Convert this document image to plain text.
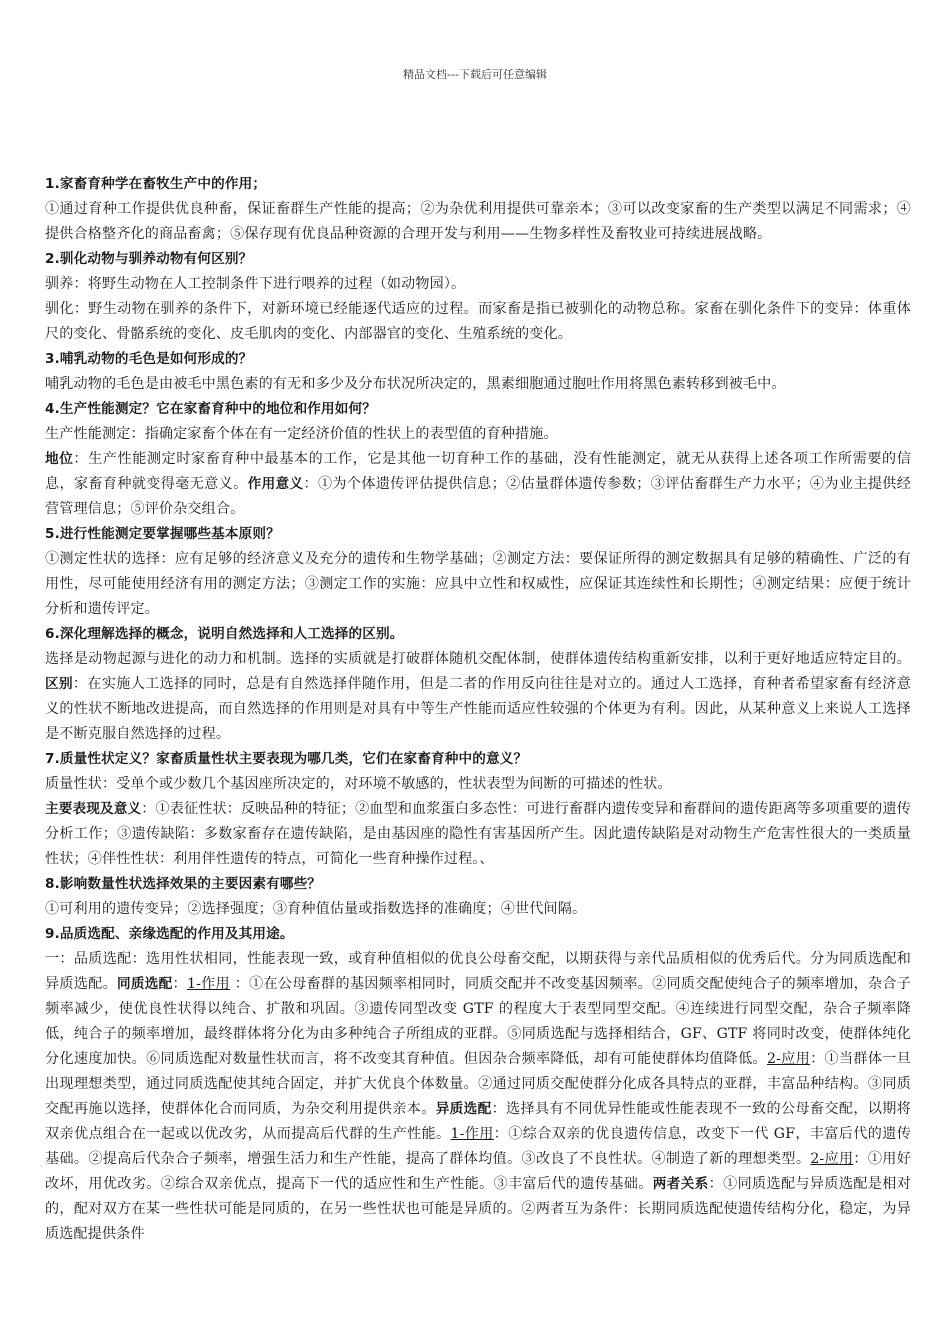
精品文档---下载后可任意编辑

1.家畜育种学在畜牧生产中的作用；

①通过育种工作提供优良种畜，保证畜群生产性能的提高；②为杂优利用提供可靠亲本；③可以改变家畜的生产类型以满足不同需求；④提供合格整齐化的商品畜禽；⑤保存现有优良品种资源的合理开发与利用——生物多样性及畜牧业可持续进展战略。

2.驯化动物与驯养动物有何区别？

驯养：将野生动物在人工控制条件下进行喂养的过程（如动物园）。

驯化：野生动物在驯养的条件下，对新环境已经能逐代适应的过程。而家畜是指已被驯化的动物总称。家畜在驯化条件下的变异：体重体尺的变化、骨骼系统的变化、皮毛肌肉的变化、内部器官的变化、生殖系统的变化。

3.哺乳动物的毛色是如何形成的？

哺乳动物的毛色是由被毛中黑色素的有无和多少及分布状况所决定的，黑素细胞通过胞吐作用将黑色素转移到被毛中。

4.生产性能测定？它在家畜育种中的地位和作用如何？

生产性能测定：指确定家畜个体在有一定经济价值的性状上的表型值的育种措施。

地位：生产性能测定时家畜育种中最基本的工作，它是其他一切育种工作的基础，没有性能测定，就无从获得上述各项工作所需要的信息，家畜育种就变得毫无意义。作用意义：①为个体遗传评估提供信息；②估量群体遗传参数；③评估畜群生产力水平；④为业主提供经营管理信息；⑤评价杂交组合。

5.进行性能测定要掌握哪些基本原则？

①测定性状的选择：应有足够的经济意义及充分的遗传和生物学基础；②测定方法：要保证所得的测定数据具有足够的精确性、广泛的有用性，尽可能使用经济有用的测定方法；③测定工作的实施：应具中立性和权威性，应保证其连续性和长期性；④测定结果：应便于统计分析和遗传评定。

6.深化理解选择的概念，说明自然选择和人工选择的区别。

选择是动物起源与进化的动力和机制。选择的实质就是打破群体随机交配体制，使群体遗传结构重新安排，以利于更好地适应特定目的。区别：在实施人工选择的同时，总是有自然选择伴随作用，但是二者的作用反向往往是对立的。通过人工选择，育种者希望家畜有经济意义的性状不断地改进提高，而自然选择的作用则是对具有中等生产性能而适应性较强的个体更为有利。因此，从某种意义上来说人工选择是不断克服自然选择的过程。

7.质量性状定义？家畜质量性状主要表现为哪几类，它们在家畜育种中的意义？

质量性状：受单个或少数几个基因座所决定的，对环境不敏感的，性状表型为间断的可描述的性状。

主要表现及意义：①表征性状：反映品种的特征；②血型和血浆蛋白多态性：可进行畜群内遗传变异和畜群间的遗传距离等多项重要的遗传分析工作；③遗传缺陷：多数家畜存在遗传缺陷，是由基因座的隐性有害基因所产生。因此遗传缺陷是对动物生产危害性很大的一类质量性状；④伴性性状：利用伴性遗传的特点，可简化一些育种操作过程。、

8.影响数量性状选择效果的主要因素有哪些？

①可利用的遗传变异；②选择强度；③育种值估量或指数选择的准确度；④世代间隔。

9.品质选配、亲缘选配的作用及其用途。

一：品质选配：选用性状相同，性能表现一致，或育种值相似的优良公母畜交配，以期获得与亲代品质相似的优秀后代。分为同质选配和异质选配。同质选配：1-作用 ：①在公母畜群的基因频率相同时，同质交配并不改变基因频率。②同质交配使纯合子的频率增加，杂合子频率减少，使优良性状得以纯合、扩散和巩固。③遗传同型改变 GTF 的程度大于表型同型交配。④连续进行同型交配，杂合子频率降低，纯合子的频率增加，最终群体将分化为由多种纯合子所组成的亚群。⑤同质选配与选择相结合，GF、GTF 将同时改变，使群体纯化分化速度加快。⑥同质选配对数量性状而言，将不改变其育种值。但因杂合频率降低，却有可能使群体均值降低。2-应用：①当群体一旦出现理想类型，通过同质选配使其纯合固定，并扩大优良个体数量。②通过同质交配使群分化成各具特点的亚群，丰富品种结构。③同质交配再施以选择，使群体化合而同质，为杂交利用提供亲本。异质选配：选择具有不同优异性能或性能表现不一致的公母畜交配，以期将双亲优点组合在一起或以优改劣，从而提高后代群的生产性能。1-作用：①综合双亲的优良遗传信息，改变下一代 GF，丰富后代的遗传基础。②提高后代杂合子频率，增强生活力和生产性能，提高了群体均值。③改良了不良性状。④制造了新的理想类型。2-应用：①用好改坏，用优改劣。②综合双亲优点，提高下一代的适应性和生产性能。③丰富后代的遗传基础。两者关系：①同质选配与异质选配是相对的，配对双方在某一些性状可能是同质的，在另一些性状也可能是异质的。②两者互为条件：长期同质选配使遗传结构分化，稳定，为异质选配提供条件
